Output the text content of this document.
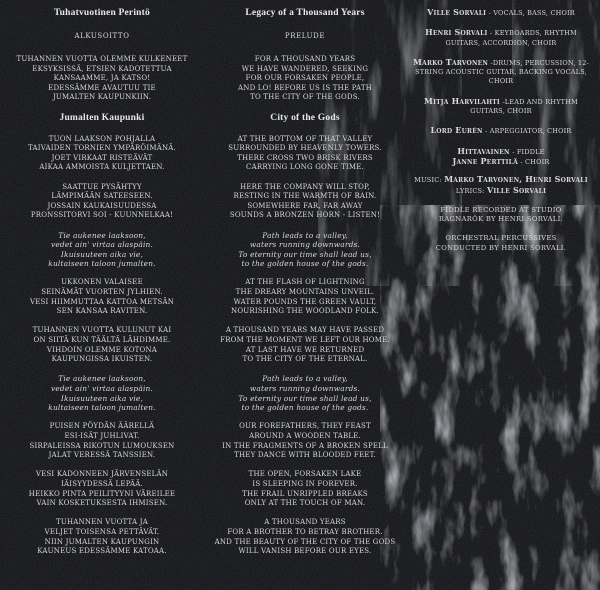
Tuhatvuotinen Perintö
ALKUSOITTO
TUHANNEN VUOTTA OLEMME KULKENEET
EKSYKSISSÄ, ETSIEN KADOTETTUA
KANSAAMME, JA KATSO!
EDESSÄMME AVAUTUU TIE
JUMALTEN KAUPUNKIIN.
Jumalten Kaupunki
TUON LAAKSON POHJALLA
TAIVAIDEN TORNIEN YMPÄRÖIMÄNÄ.
JOET VIRKAAT RISTEÄVÄT
AIKAA AMMOISTA KULJETTAEN.
SAATTUE PYSÄHTYY
LÄMPIMÄÄN SATEESEEN.
JOSSAIN KAUKAISUUDESSA
PRONSSITORVI SOI - KUUNNELKAA!
Tie aukenee laaksoon,
vedet ain' virtaa alaspäin.
Ikuisuuteen aika vie,
kultaiseen taloon jumalten.
UKKONEN VALAISEE
SEINÄMÄT VUORTEN JYLHIEN.
VESI HIIMMUTTAA KATTOA METSÄN
SEN KANSAA RAVITEN.
TUHANNEN VUOTTA KULUNUT KAI
ON SIITÄ KUN TÄÄLTÄ LÄHDIMME.
VIHDOIN OLEMME KOTONA
KAUPUNGISSA IKUISTEN.
Tie aukenee laaksoon,
vedet ain' virtaa alaspäin.
Ikuisuuteen aika vie,
kultaiseen taloon jumalten.
PUISEN PÖYDÄN ÄÄRELLÄ
ESI-ISÄT JUHLIVAT.
SIRPALEISSA RIKOTUN LUMOUKSEN
JALAT VERESSÄ TANSSIEN.
VESI KADONNEEN JÄRVENSELÄN
IÄISYYDESSÄ LEPÄÄ.
HEIKKO PINTA PEILITYYNI VÄREILEE
VAIN KOSKETUKSESTA IHMISEN.
TUHANNEN VUOTTA JA
VELJET TOISENSA PETTÄVÄT.
NIIN JUMALTEN KAUPUNGIN
KAUNEUS EDESSÄMME KATOAA.
Legacy of a Thousand Years
PRELUDE
FOR A THOUSAND YEARS
WE HAVE WANDERED, SEEKING
FOR OUR FORSAKEN PEOPLE,
AND LO! BEFORE US IS THE PATH
TO THE CITY OF THE GODS.
City of the Gods
AT THE BOTTOM OF THAT VALLEY
SURROUNDED BY HEAVENLY TOWERS.
THERE CROSS TWO BRISK RIVERS
CARRYING LONG GONE TIME.
HERE THE COMPANY WILL STOP,
RESTING IN THE WARMTH OF RAIN.
SOMEWHERE FAR, FAR AWAY
SOUNDS A BRONZEN HORN - LISTEN!
Path leads to a valley,
waters running downwards.
To eternity our time shall lead us,
to the golden house of the gods.
AT THE FLASH OF LIGHTNING
THE DREARY MOUNTAINS UNVEIL.
WATER POUNDS THE GREEN VAULT,
NOURISHING THE WOODLAND FOLK.
A THOUSAND YEARS MAY HAVE PASSED
FROM THE MOMENT WE LEFT OUR HOME.
AT LAST HAVE WE RETURNED
TO THE CITY OF THE ETERNAL.
Path leads to a valley,
waters running downwards.
To eternity our time shall lead us,
to the golden house of the gods.
OUR FOREFATHERS, THEY FEAST
AROUND A WOODEN TABLE.
IN THE FRAGMENTS OF A BROKEN SPELL
THEY DANCE WITH BLOODED FEET.
THE OPEN, FORSAKEN LAKE
IS SLEEPING IN FOREVER.
THE FRAIL UNRIPPLED BREAKS
ONLY AT THE TOUCH OF MAN.
A THOUSAND YEARS
FOR A BROTHER TO BETRAY BROTHER.
AND THE BEAUTY OF THE CITY OF THE GODS
WILL VANISH BEFORE OUR EYES.
Ville Sorvali - VOCALS, BASS, CHOIR
Henri Sorvali - KEYBOARDS, RHYTHM GUITARS, ACCORDION, CHOIR
Marko Tarvonen -DRUMS, PERCUSSION, 12-STRING ACOUSTIC GUITAR, BACKING VOCALS, CHOIR
Mitja Harvilahti -LEAD AND RHYTHM GUITARS, CHOIR
Lord Eurén - ARPEGGIATOR, CHOIR
Hittavainen - FIDDLE
Janne Perttilä - CHOIR
MUSIC: Marko Tarvonen, Henri Sorvali
LYRICS: Ville Sorvali
FIDDLE RECORDED AT STUDIO RAGNARÖK BY HENRI SORVALI.
ORCHESTRAL PERCUSSIVES CONDUCTED BY HENRI SORVALI.
